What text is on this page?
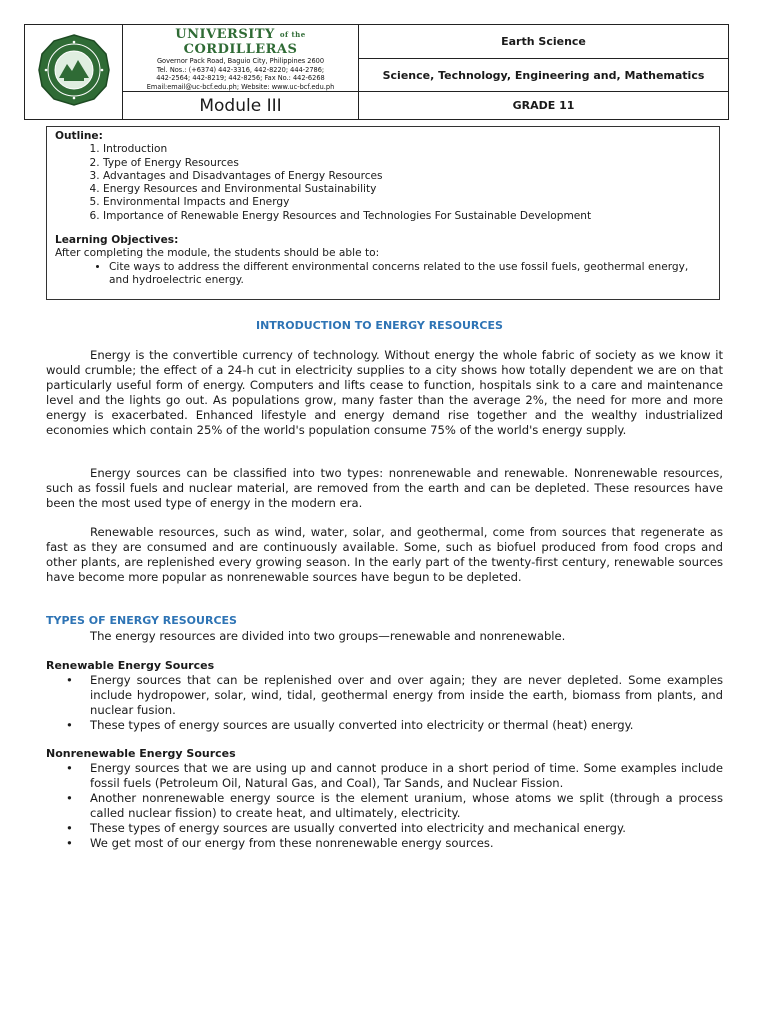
UNIVERSITY of the CORDILLERAS
Governor Pack Road, Baguio City, Philippines 2600
Tel. Nos.: (+6374) 442-3316, 442-8220; 444-2786;
442-2564; 442-8219; 442-8256; Fax No.: 442-6268
Email:email@uc-bcf.edu.ph; Website: www.uc-bcf.edu.ph	Earth Science
		Science, Technology, Engineering and, Mathematics
	Module III	GRADE 11
Outline:
1. Introduction
2. Type of Energy Resources
3. Advantages and Disadvantages of Energy Resources
4. Energy Resources and Environmental Sustainability
5. Environmental Impacts and Energy
6. Importance of Renewable Energy Resources and Technologies For Sustainable Development
Learning Objectives:
After completing the module, the students should be able to:
• Cite ways to address the different environmental concerns related to the use fossil fuels, geothermal energy, and hydroelectric energy.
INTRODUCTION TO ENERGY RESOURCES

Energy is the convertible currency of technology. Without energy the whole fabric of society as we know it would crumble; the effect of a 24-h cut in electricity supplies to a city shows how totally dependent we are on that particularly useful form of energy. Computers and lifts cease to function, hospitals sink to a care and maintenance level and the lights go out. As populations grow, many faster than the average 2%, the need for more and more energy is exacerbated. Enhanced lifestyle and energy demand rise together and the wealthy industrialized economies which contain 25% of the world's population consume 75% of the world's energy supply.

Energy sources can be classified into two types: nonrenewable and renewable. Nonrenewable resources, such as fossil fuels and nuclear material, are removed from the earth and can be depleted. These resources have been the most used type of energy in the modern era.

Renewable resources, such as wind, water, solar, and geothermal, come from sources that regenerate as fast as they are consumed and are continuously available. Some, such as biofuel produced from food crops and other plants, are replenished every growing season. In the early part of the twenty-first century, renewable sources have become more popular as nonrenewable sources have begun to be depleted.

TYPES OF ENERGY RESOURCES

The energy resources are divided into two groups—renewable and nonrenewable.

Renewable Energy Sources
• Energy sources that can be replenished over and over again; they are never depleted. Some examples include hydropower, solar, wind, tidal, geothermal energy from inside the earth, biomass from plants, and nuclear fusion.
• These types of energy sources are usually converted into electricity or thermal (heat) energy.
Nonrenewable Energy Sources
• Energy sources that we are using up and cannot produce in a short period of time. Some examples include fossil fuels (Petroleum Oil, Natural Gas, and Coal), Tar Sands, and Nuclear Fission.
• Another nonrenewable energy source is the element uranium, whose atoms we split (through a process called nuclear fission) to create heat, and ultimately, electricity.
• These types of energy sources are usually converted into electricity and mechanical energy.
• We get most of our energy from these nonrenewable energy sources.
